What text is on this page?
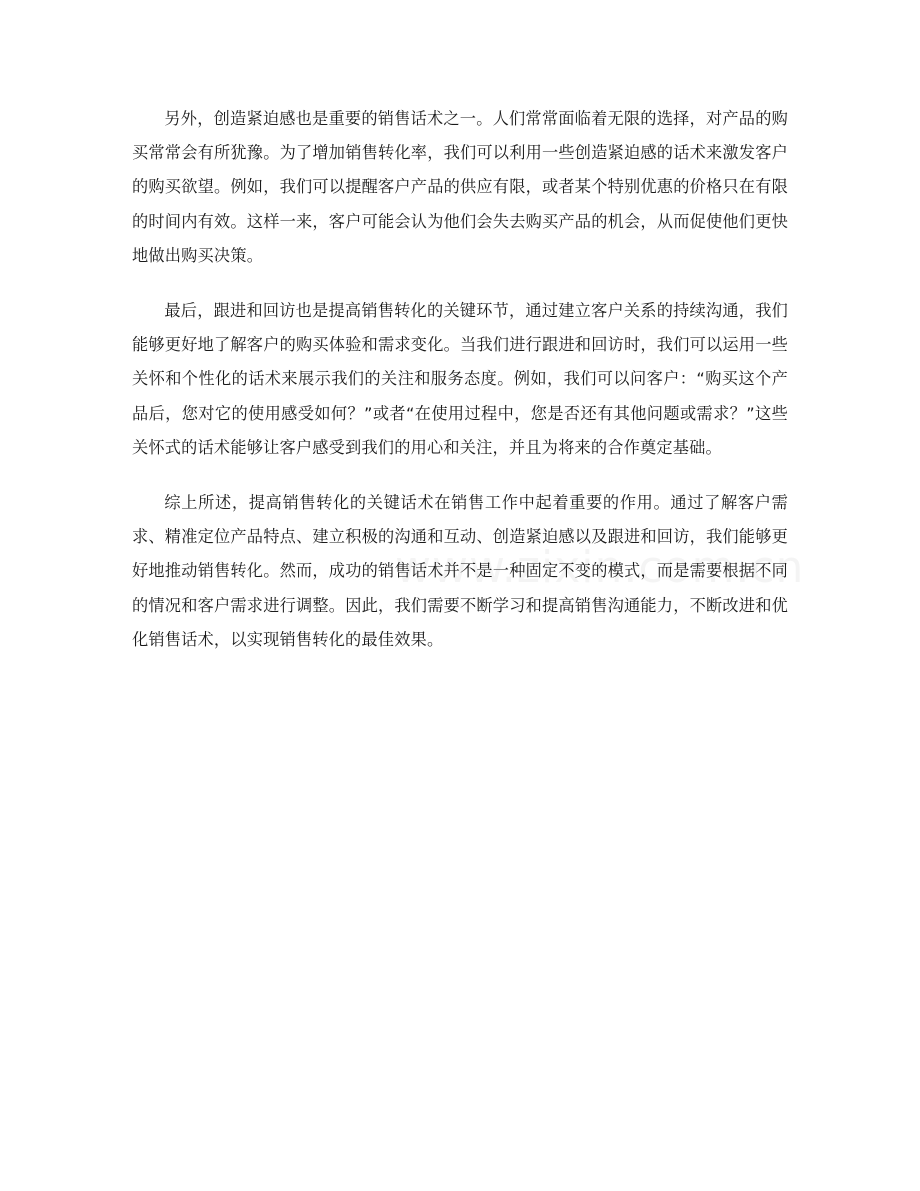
另外，创造紧迫感也是重要的销售话术之一。人们常常面临着无限的选择，对产品的购买常常会有所犹豫。为了增加销售转化率，我们可以利用一些创造紧迫感的话术来激发客户的购买欲望。例如，我们可以提醒客户产品的供应有限，或者某个特别优惠的价格只在有限的时间内有效。这样一来，客户可能会认为他们会失去购买产品的机会，从而促使他们更快地做出购买决策。

最后，跟进和回访也是提高销售转化的关键环节，通过建立客户关系的持续沟通，我们能够更好地了解客户的购买体验和需求变化。当我们进行跟进和回访时，我们可以运用一些关怀和个性化的话术来展示我们的关注和服务态度。例如，我们可以问客户：“购买这个产品后，您对它的使用感受如何？”或者“在使用过程中，您是否还有其他问题或需求？”这些关怀式的话术能够让客户感受到我们的用心和关注，并且为将来的合作奠定基础。

综上所述，提高销售转化的关键话术在销售工作中起着重要的作用。通过了解客户需求、精准定位产品特点、建立积极的沟通和互动、创造紧迫感以及跟进和回访，我们能够更好地推动销售转化。然而，成功的销售话术并不是一种固定不变的模式，而是需要根据不同的情况和客户需求进行调整。因此，我们需要不断学习和提高销售沟通能力，不断改进和优化销售话术，以实现销售转化的最佳效果。
